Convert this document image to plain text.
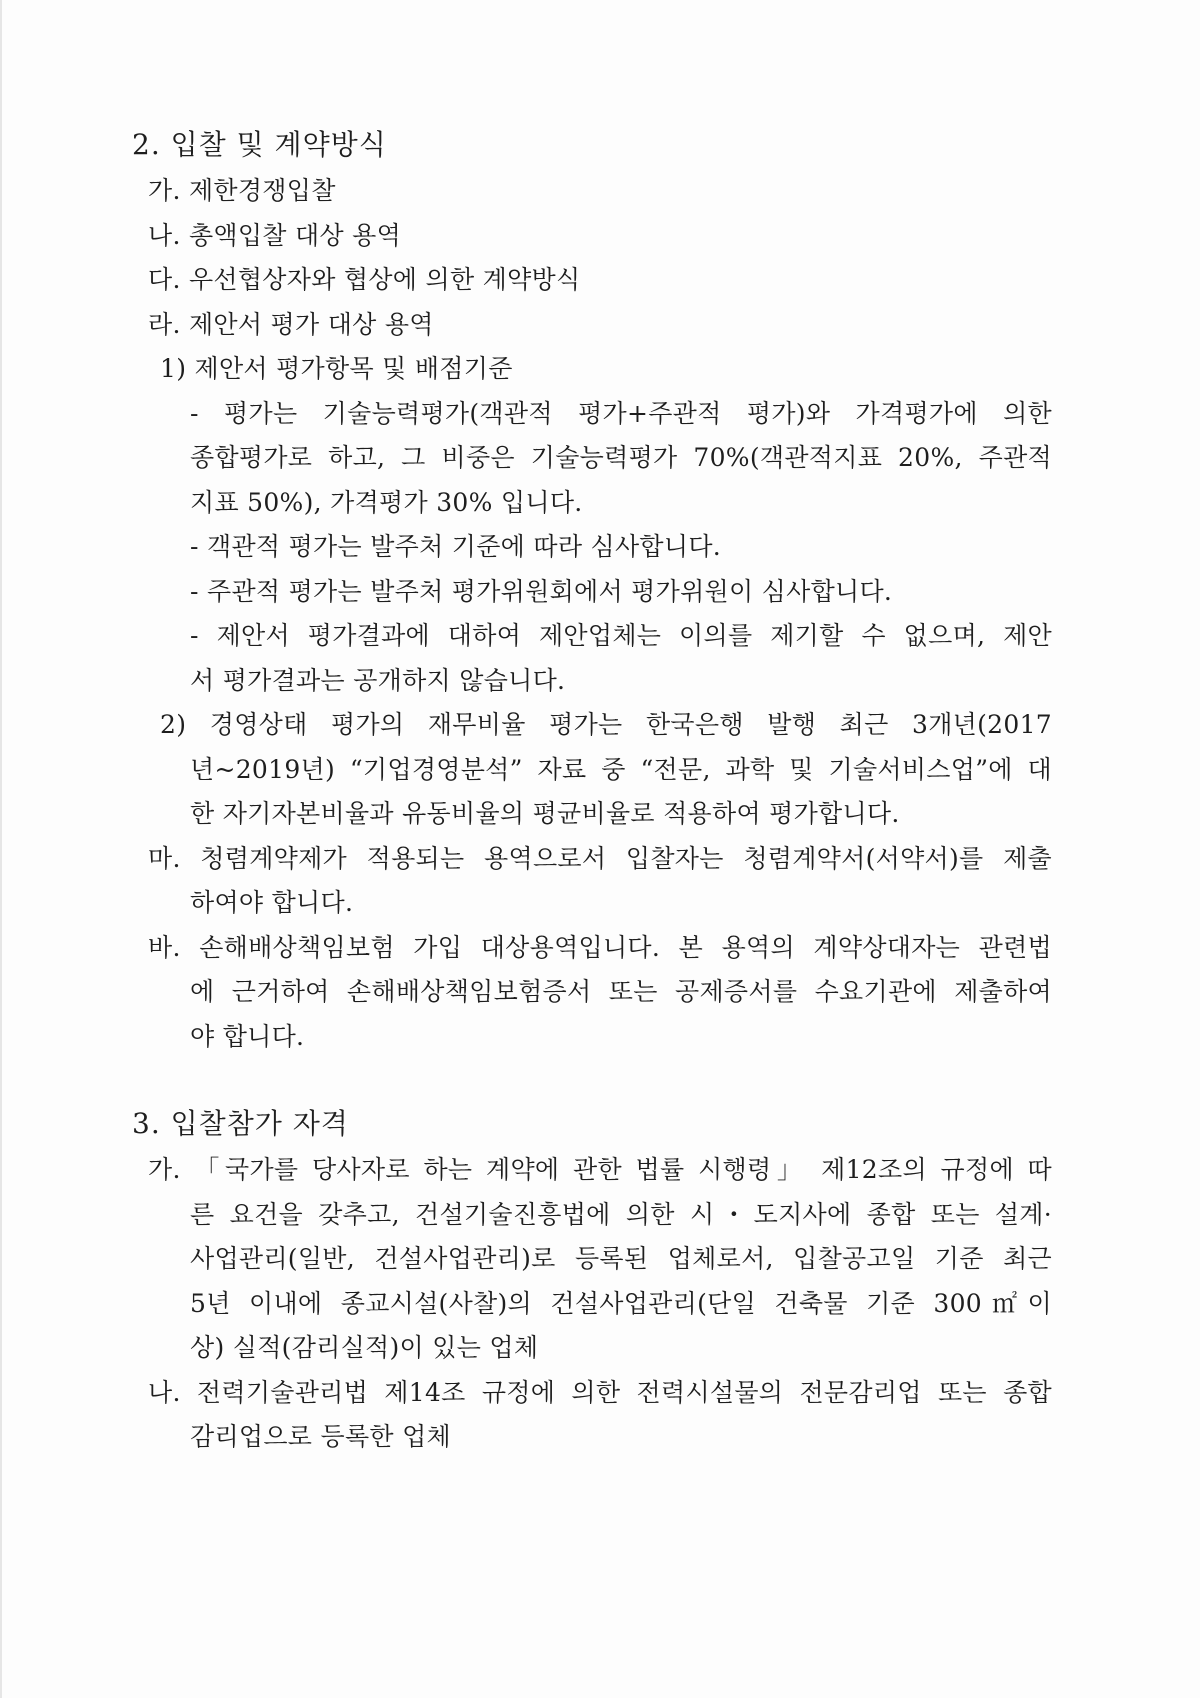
2. 입찰 및 계약방식
가. 제한경쟁입찰
나. 총액입찰 대상 용역
다. 우선협상자와 협상에 의한 계약방식
라. 제안서 평가 대상 용역
1) 제안서 평가항목 및 배점기준
- 평가는 기술능력평가(객관적 평가+주관적 평가)와 가격평가에 의한
종합평가로 하고, 그 비중은 기술능력평가 70%(객관적지표 20%, 주관적
지표 50%), 가격평가 30% 입니다.
- 객관적 평가는 발주처 기준에 따라 심사합니다.
- 주관적 평가는 발주처 평가위원회에서 평가위원이 심사합니다.
- 제안서 평가결과에 대하여 제안업체는 이의를 제기할 수 없으며, 제안
서 평가결과는 공개하지 않습니다.
2) 경영상태 평가의 재무비율 평가는 한국은행 발행 최근 3개년(2017
년~2019년) “기업경영분석” 자료 중 “전문, 과학 및 기술서비스업”에 대
한 자기자본비율과 유동비율의 평균비율로 적용하여 평가합니다.
마. 청렴계약제가 적용되는 용역으로서 입찰자는 청렴계약서(서약서)를 제출
하여야 합니다.
바. 손해배상책임보험 가입 대상용역입니다. 본 용역의 계약상대자는 관련법
에 근거하여 손해배상책임보험증서 또는 공제증서를 수요기관에 제출하여
야 합니다.
3. 입찰참가 자격
가. 「국가를 당사자로 하는 계약에 관한 법률 시행령」 제12조의 규정에 따
른 요건을 갖추고, 건설기술진흥법에 의한 시・도지사에 종합 또는 설계·
사업관리(일반, 건설사업관리)로 등록된 업체로서, 입찰공고일 기준 최근
5년 이내에 종교시설(사찰)의 건설사업관리(단일 건축물 기준 300㎡이
상) 실적(감리실적)이 있는 업체
나. 전력기술관리법 제14조 규정에 의한 전력시설물의 전문감리업 또는 종합
감리업으로 등록한 업체
